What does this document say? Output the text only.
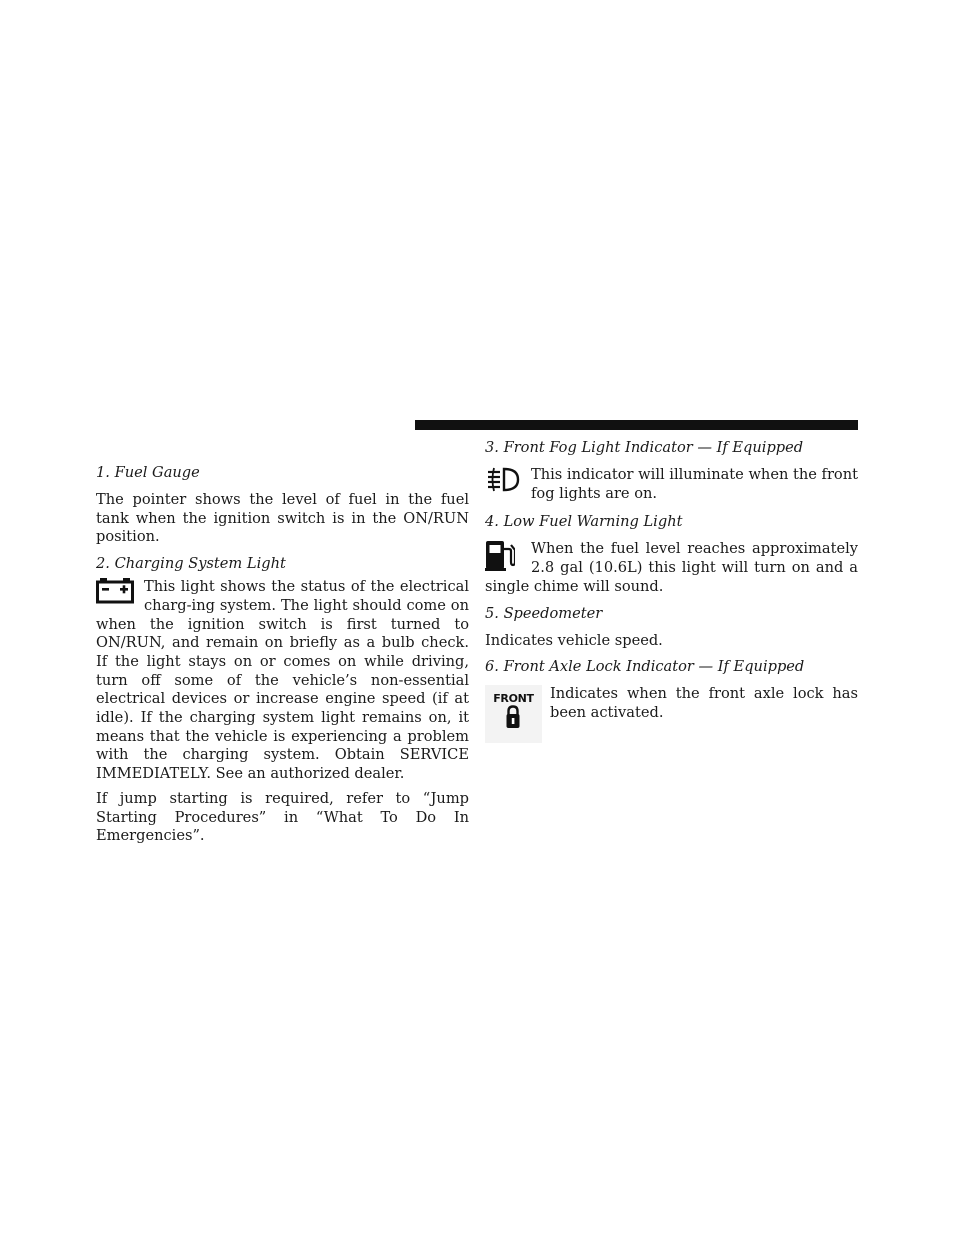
1. Fuel Gauge

The pointer shows the level of fuel in the fuel tank when the ignition switch is in the ON/RUN position.

2. Charging System Light

This light shows the status of the electrical charg-ing system. The light should come on when the ignition switch is first turned to ON/RUN, and remain on briefly as a bulb check. If the light stays on or comes on while driving, turn off some of the vehicle’s non-essential electrical devices or increase engine speed (if at idle). If the charging system light remains on, it means that the vehicle is experiencing a problem with the charging system. Obtain SERVICE IMMEDIATELY. See an authorized dealer.

If jump starting is required, refer to “Jump Starting Procedures” in “What To Do In Emergencies”.

3. Front Fog Light Indicator — If Equipped

This indicator will illuminate when the front fog lights are on.

4. Low Fuel Warning Light

When the fuel level reaches approximately 2.8 gal (10.6L) this light will turn on and a single chime will sound.

5. Speedometer

Indicates vehicle speed.

6. Front Axle Lock Indicator — If Equipped

FRONT	Indicates when the front axle lock has been activated.
